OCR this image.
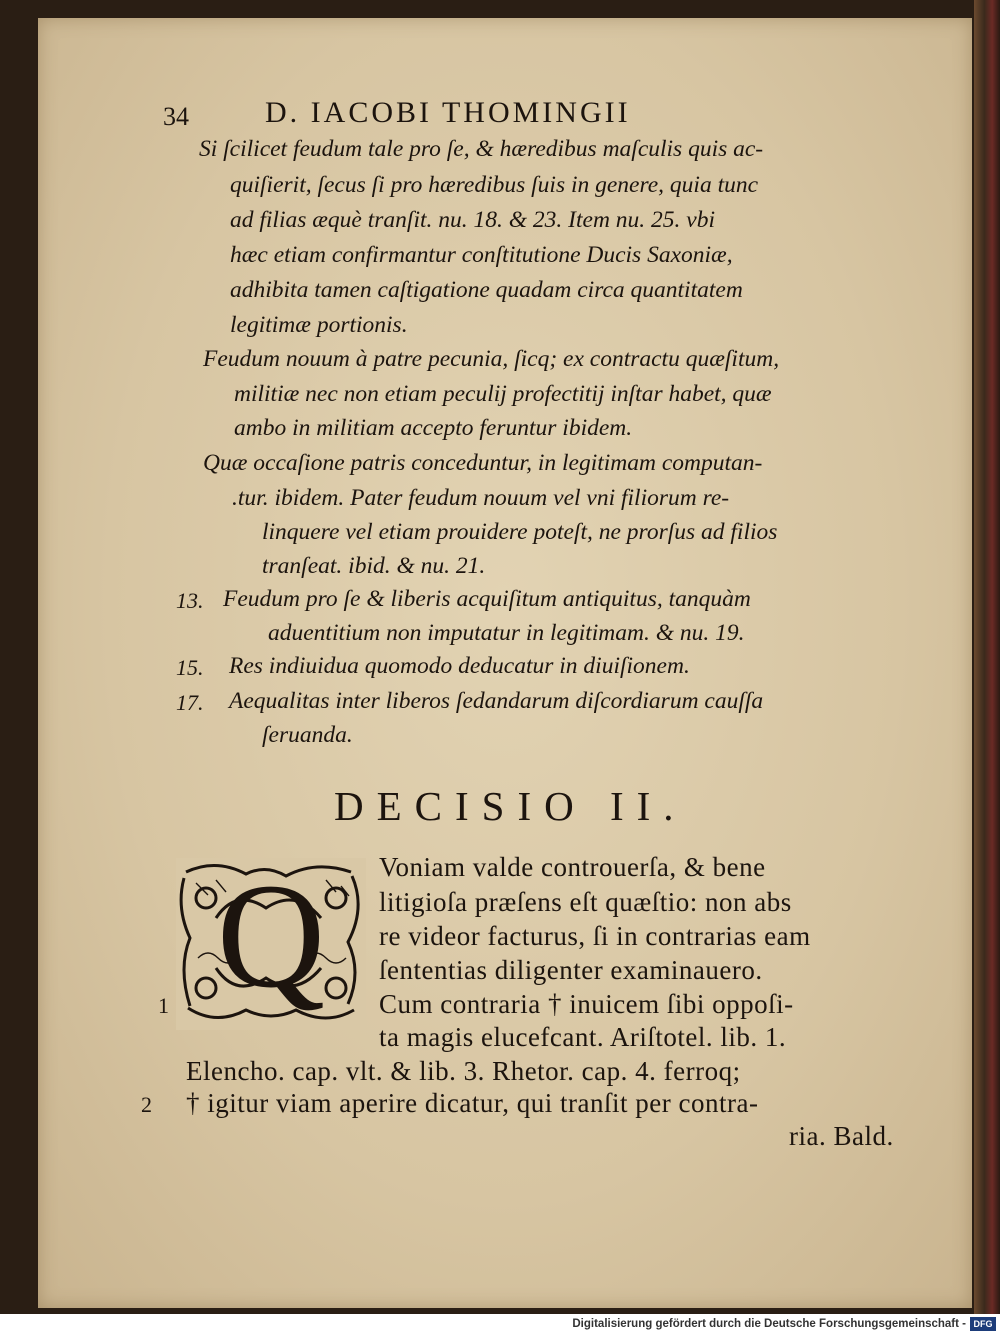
34	D. IACOBI THOMINGII
Si ſcilicet feudum tale pro ſe, & hæredibus maſculis quis ac-
quiſierit, ſecus ſi pro hæredibus ſuis in genere, quia tunc
ad filias æquè tranſit. nu. 18. & 23. Item nu. 25. vbi
hæc etiam confirmantur conſtitutione Ducis Saxoniæ,
adhibita tamen caſtigatione quadam circa quantitatem
legitimæ portionis.
Feudum nouum à patre pecunia, ſicq; ex contractu quæſitum,
militiæ nec non etiam peculij profectitij inſtar habet, quæ
ambo in militiam accepto feruntur ibidem.
Quæ occaſione patris conceduntur, in legitimam computan-
.tur. ibidem. Pater feudum nouum vel vni filiorum re-
linquere vel etiam prouidere poteſt, ne prorſus ad filios
tranſeat. ibid. & nu. 21.
13. Feudum pro ſe & liberis acquiſitum antiquitus, tanquàm
aduentitium non imputatur in legitimam. & nu. 19.
15. Res indiuidua quomodo deducatur in diuiſionem.
17. Aequalitas inter liberos ſedandarum diſcordiarum cauſſa
ſeruanda.
DECISIO II.
Q Voniam valde controuerſa, & bene
litigioſa præſens eſt quæſtio: non abs
re videor facturus, ſi in contrarias eam
ſententias diligenter examinauero.
1	Cum contraria † inuicem ſibi oppoſi-
ta magis elucefcant. Ariſtotel. lib. 1.
Elencho. cap. vlt. & lib. 3. Rhetor. cap. 4. ferroq;
2 † igitur viam aperire dicatur, qui tranſit per contra-
ria. Bald.
Digitalisierung gefördert durch die Deutsche Forschungsgemeinschaft - DFG
